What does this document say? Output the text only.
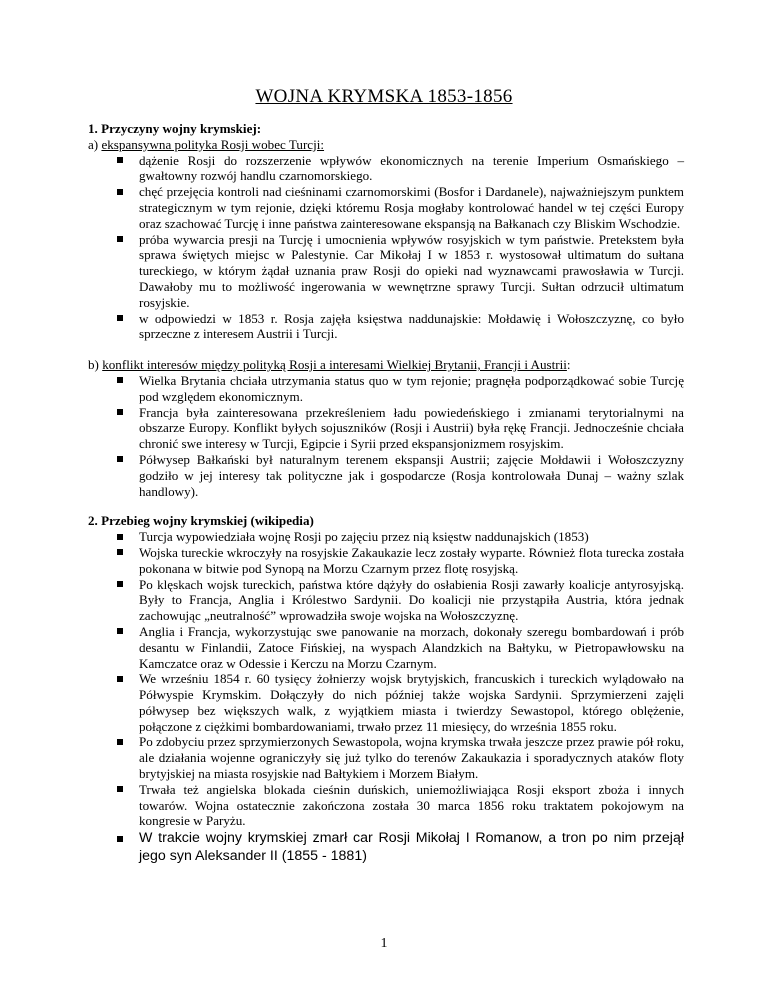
WOJNA KRYMSKA 1853-1856

1. Przyczyny wojny krymskiej:

a) ekspansywna polityka Rosji wobec Turcji:

dążenie Rosji do rozszerzenie wpływów ekonomicznych na terenie Imperium Osmańskiego – gwałtowny rozwój handlu czarnomorskiego.
chęć przejęcia kontroli nad cieśninami czarnomorskimi (Bosfor i Dardanele), najważniejszym punktem strategicznym w tym rejonie, dzięki któremu Rosja mogłaby kontrolować handel w tej części Europy oraz szachować Turcję i inne państwa zainteresowane ekspansją na Bałkanach czy Bliskim Wschodzie.
próba wywarcia presji na Turcję i umocnienia wpływów rosyjskich w tym państwie. Pretekstem była sprawa świętych miejsc w Palestynie. Car Mikołaj I w 1853 r. wystosował ultimatum do sułtana tureckiego, w którym żądał uznania praw Rosji do opieki nad wyznawcami prawosławia w Turcji. Dawałoby mu to możliwość ingerowania w wewnętrzne sprawy Turcji. Sułtan odrzucił ultimatum rosyjskie.
w odpowiedzi w 1853 r. Rosja zajęła księstwa naddunajskie: Mołdawię i Wołoszczyznę, co było sprzeczne z interesem Austrii i Turcji.

b) konflikt interesów między polityką Rosji a interesami Wielkiej Brytanii, Francji i Austrii:

Wielka Brytania chciała utrzymania status quo w tym rejonie; pragnęła podporządkować sobie Turcję pod względem ekonomicznym.
Francja była zainteresowana przekreśleniem ładu powiedeńskiego i zmianami terytorialnymi na obszarze Europy. Konflikt byłych sojuszników (Rosji i Austrii) była rękę Francji. Jednocześnie chciała chronić swe interesy w Turcji, Egipcie i Syrii przed ekspansjonizmem rosyjskim.
Półwysep Bałkański był naturalnym terenem ekspansji Austrii; zajęcie Mołdawii i Wołoszczyzny godziło w jej interesy tak polityczne jak i gospodarcze (Rosja kontrolowała Dunaj – ważny szlak handlowy).

2. Przebieg wojny krymskiej (wikipedia)

Turcja wypowiedziała wojnę Rosji po zajęciu przez nią księstw naddunajskich (1853)
Wojska tureckie wkroczyły na rosyjskie Zakaukazie lecz zostały wyparte. Również flota turecka została pokonana w bitwie pod Synopą na Morzu Czarnym przez flotę rosyjską.
Po klęskach wojsk tureckich, państwa które dążyły do osłabienia Rosji zawarły koalicje antyrosyjską. Były to Francja, Anglia i Królestwo Sardynii. Do koalicji nie przystąpiła Austria, która jednak zachowując „neutralność” wprowadziła swoje wojska na Wołoszczyznę.
Anglia i Francja, wykorzystując swe panowanie na morzach, dokonały szeregu bombardowań i prób desantu w Finlandii, Zatoce Fińskiej, na wyspach Alandzkich na Bałtyku, w Pietropawłowsku na Kamczatce oraz w Odessie i Kerczu na Morzu Czarnym.
We wrześniu 1854 r. 60 tysięcy żołnierzy wojsk brytyjskich, francuskich i tureckich wylądowało na Półwyspie Krymskim. Dołączyły do nich później także wojska Sardynii. Sprzymierzeni zajęli półwysep bez większych walk, z wyjątkiem miasta i twierdzy Sewastopol, którego oblężenie, połączone z ciężkimi bombardowaniami, trwało przez 11 miesięcy, do września 1855 roku.
Po zdobyciu przez sprzymierzonych Sewastopola, wojna krymska trwała jeszcze przez prawie pół roku, ale działania wojenne ograniczyły się już tylko do terenów Zakaukazia i sporadycznych ataków floty brytyjskiej na miasta rosyjskie nad Bałtykiem i Morzem Białym.
Trwała też angielska blokada cieśnin duńskich, uniemożliwiająca Rosji eksport zboża i innych towarów. Wojna ostatecznie zakończona została 30 marca 1856 roku traktatem pokojowym na kongresie w Paryżu.
W trakcie wojny krymskiej zmarł car Rosji Mikołaj I Romanow, a tron po nim przejął jego syn Aleksander II (1855 - 1881)
1
